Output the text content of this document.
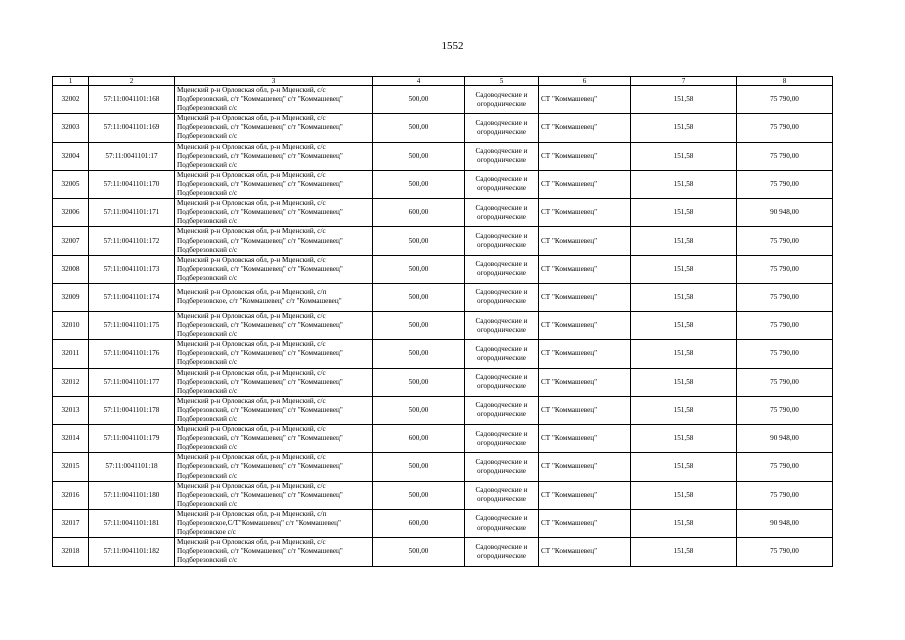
1552
1	2	3	4	5	6	7	8
32002	57:11:0041101:168	Мценский р-н Орловская обл, р-н Мценский, с/с
Подберезовский, с/т "Коммашевец" с/т "Коммашевец"
Подберезовский с/с	500,00	Садоводческие и
огороднические	СТ "Коммашевец"	151,58	75 790,00
32003	57:11:0041101:169	Мценский р-н Орловская обл, р-н Мценский, с/с
Подберезовский, с/т "Коммашевец" с/т "Коммашевец"
Подберезовский с/с	500,00	Садоводческие и
огороднические	СТ "Коммашевец"	151,58	75 790,00
32004	57:11:0041101:17	Мценский р-н Орловская обл, р-н Мценский, с/с
Подберезовский, с/т "Коммашевец" с/т "Коммашевец"
Подберезовский с/с	500,00	Садоводческие и
огороднические	СТ "Коммашевец"	151,58	75 790,00
32005	57:11:0041101:170	Мценский р-н Орловская обл, р-н Мценский, с/с
Подберезовский, с/т "Коммашевец" с/т "Коммашевец"
Подберезовский с/с	500,00	Садоводческие и
огороднические	СТ "Коммашевец"	151,58	75 790,00
32006	57:11:0041101:171	Мценский р-н Орловская обл, р-н Мценский, с/с
Подберезовский, с/т "Коммашевец" с/т "Коммашевец"
Подберезовский с/с	600,00	Садоводческие и
огороднические	СТ "Коммашевец"	151,58	90 948,00
32007	57:11:0041101:172	Мценский р-н Орловская обл, р-н Мценский, с/с
Подберезовский, с/т "Коммашевец" с/т "Коммашевец"
Подберезовский с/с	500,00	Садоводческие и
огороднические	СТ "Коммашевец"	151,58	75 790,00
32008	57:11:0041101:173	Мценский р-н Орловская обл, р-н Мценский, с/с
Подберезовский, с/т "Коммашевец" с/т "Коммашевец"
Подберезовский с/с	500,00	Садоводческие и
огороднические	СТ "Коммашевец"	151,58	75 790,00
32009	57:11:0041101:174	Мценский р-н Орловская обл, р-н Мценский, с/п
Подберезовское, с/т "Коммашевец" с/т "Коммашевец"	500,00	Садоводческие и
огороднические	СТ "Коммашевец"	151,58	75 790,00
32010	57:11:0041101:175	Мценский р-н Орловская обл, р-н Мценский, с/с
Подберезовский, с/т "Коммашевец" с/т "Коммашевец"
Подберезовский с/с	500,00	Садоводческие и
огороднические	СТ "Коммашевец"	151,58	75 790,00
32011	57:11:0041101:176	Мценский р-н Орловская обл, р-н Мценский, с/с
Подберезовский, с/т "Коммашевец" с/т "Коммашевец"
Подберезовский с/с	500,00	Садоводческие и
огороднические	СТ "Коммашевец"	151,58	75 790,00
32012	57:11:0041101:177	Мценский р-н Орловская обл, р-н Мценский, с/с
Подберезовский, с/т "Коммашевец" с/т "Коммашевец"
Подберезовский с/с	500,00	Садоводческие и
огороднические	СТ "Коммашевец"	151,58	75 790,00
32013	57:11:0041101:178	Мценский р-н Орловская обл, р-н Мценский, с/с
Подберезовский, с/т "Коммашевец" с/т "Коммашевец"
Подберезовский с/с	500,00	Садоводческие и
огороднические	СТ "Коммашевец"	151,58	75 790,00
32014	57:11:0041101:179	Мценский р-н Орловская обл, р-н Мценский, с/с
Подберезовский, с/т "Коммашевец" с/т "Коммашевец"
Подберезовский с/с	600,00	Садоводческие и
огороднические	СТ "Коммашевец"	151,58	90 948,00
32015	57:11:0041101:18	Мценский р-н Орловская обл, р-н Мценский, с/с
Подберезовский, с/т "Коммашевец" с/т "Коммашевец"
Подберезовский с/с	500,00	Садоводческие и
огороднические	СТ "Коммашевец"	151,58	75 790,00
32016	57:11:0041101:180	Мценский р-н Орловская обл, р-н Мценский, с/с
Подберезовский, с/т "Коммашевец" с/т "Коммашевец"
Подберезовский с/с	500,00	Садоводческие и
огороднические	СТ "Коммашевец"	151,58	75 790,00
32017	57:11:0041101:181	Мценский р-н Орловская обл, р-н Мценский, с/п
Подберезовское,С/Т"Коммашевец" с/т "Коммашевец"
Подберезовское с/с	600,00	Садоводческие и
огороднические	СТ "Коммашевец"	151,58	90 948,00
32018	57:11:0041101:182	Мценский р-н Орловская обл, р-н Мценский, с/с
Подберезовский, с/т "Коммашевец" с/т "Коммашевец"
Подберезовский с/с	500,00	Садоводческие и
огороднические	СТ "Коммашевец"	151,58	75 790,00
